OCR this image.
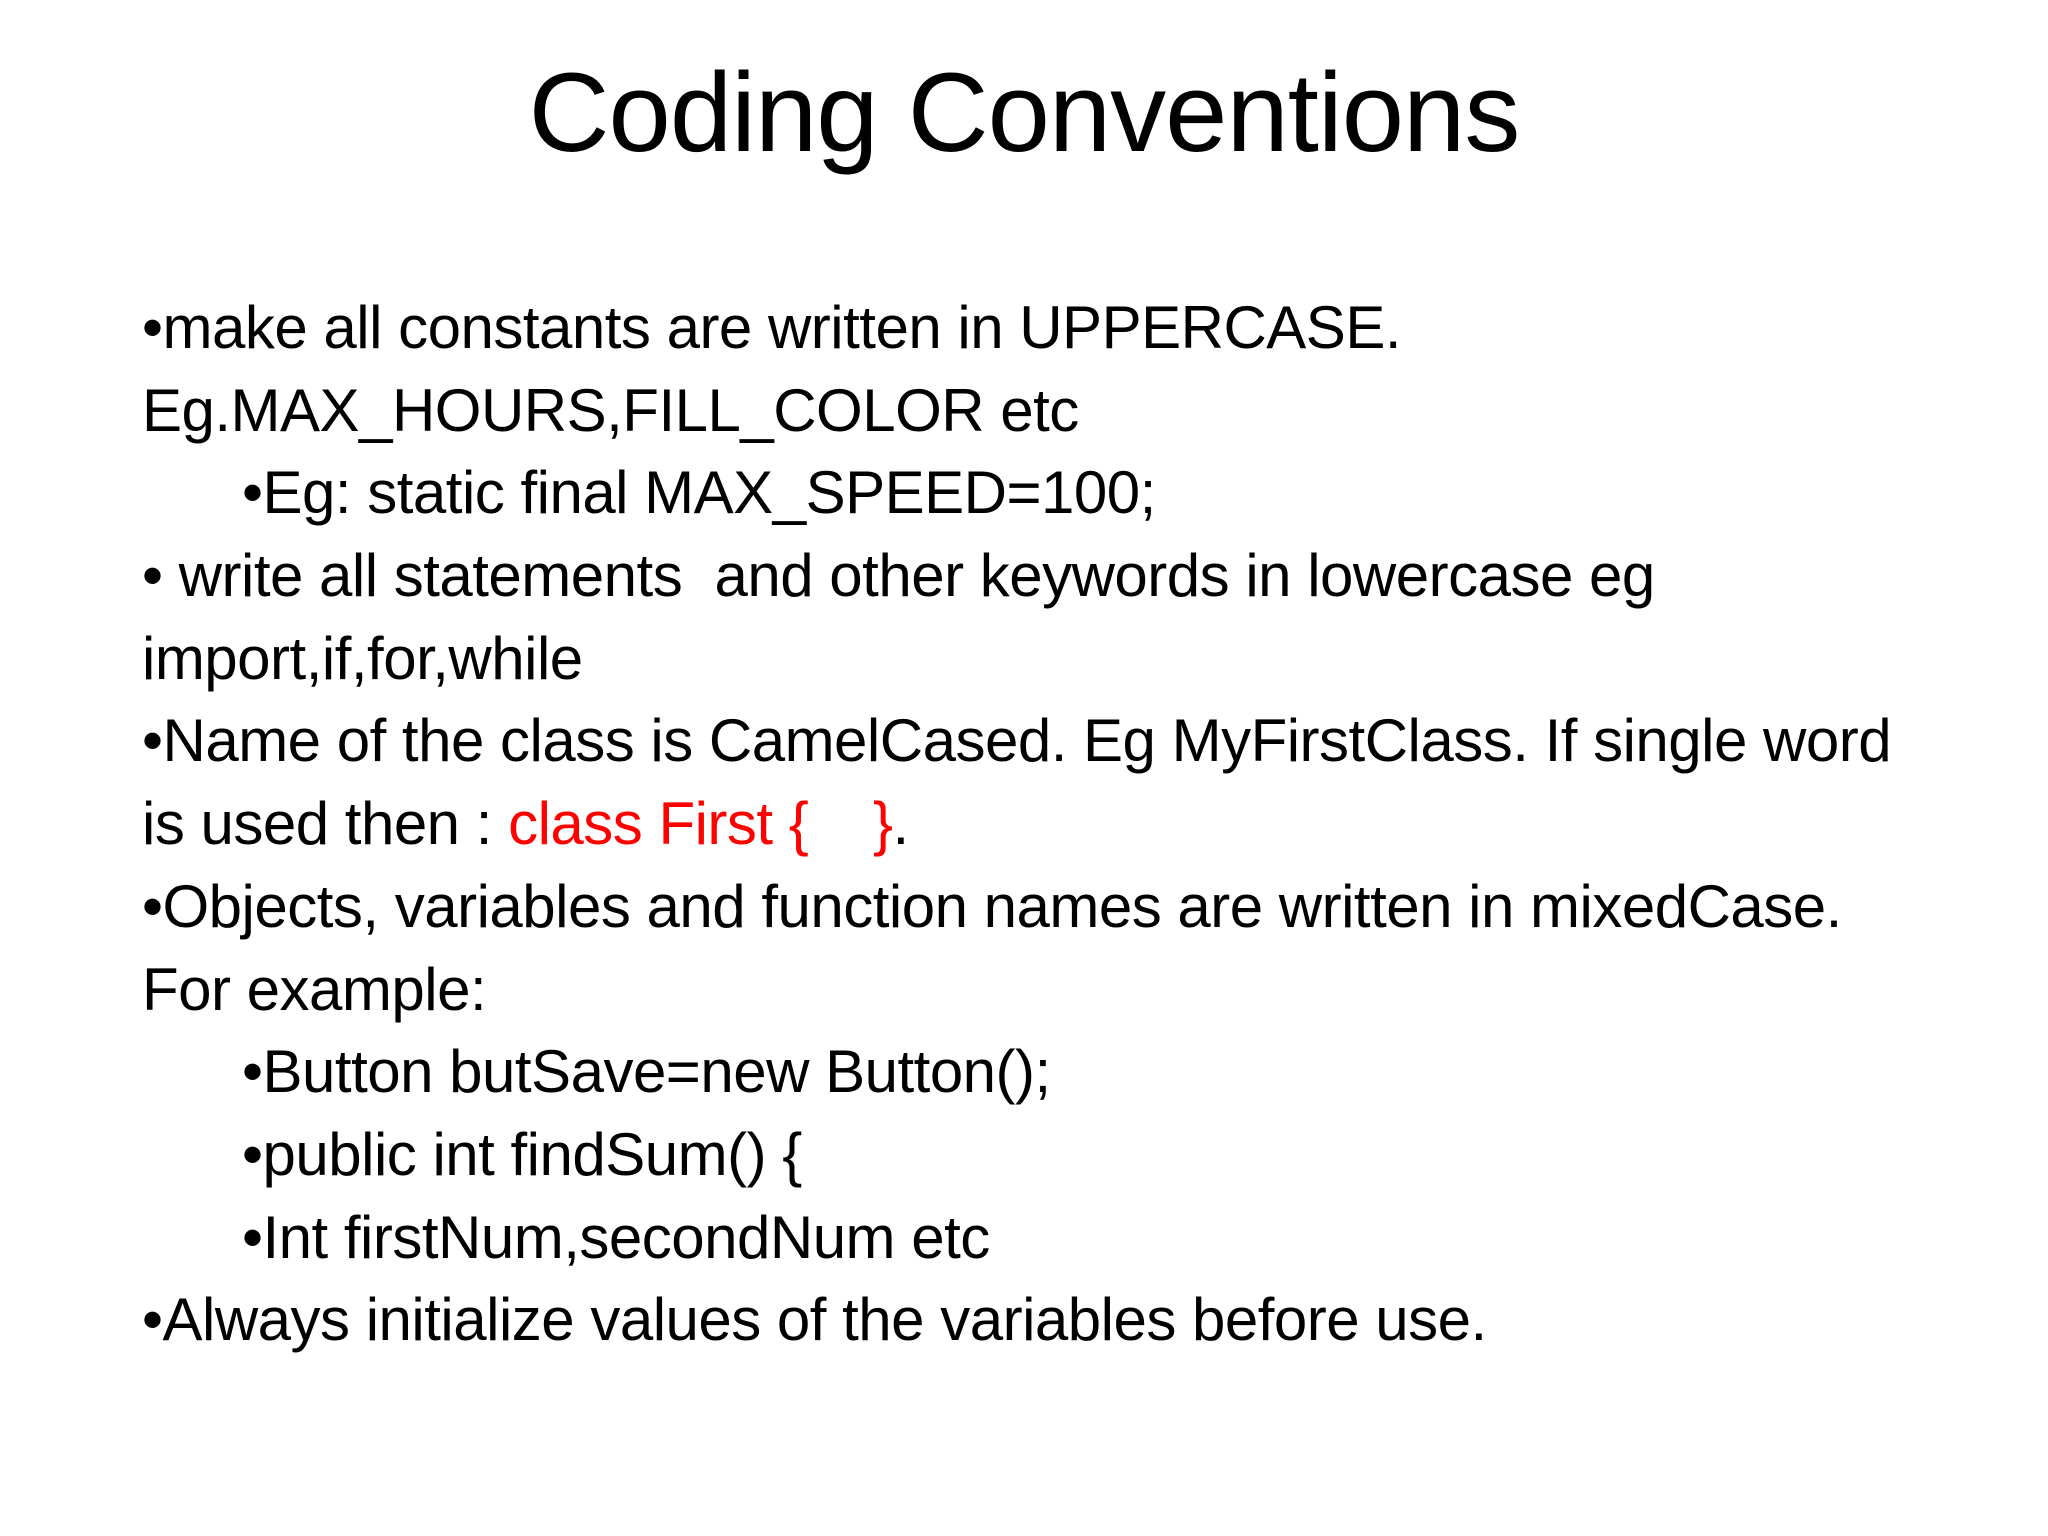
Coding Conventions
•make all constants are written in UPPERCASE.
Eg.MAX_HOURS,FILL_COLOR etc
•Eg: static final MAX_SPEED=100;
• write all statements  and other keywords in lowercase eg
import,if,for,while
•Name of the class is CamelCased. Eg MyFirstClass. If single word
is used then : class First {    }.
•Objects, variables and function names are written in mixedCase.
For example:
•Button butSave=new Button();
•public int findSum() {
•Int firstNum,secondNum etc
•Always initialize values of the variables before use.
